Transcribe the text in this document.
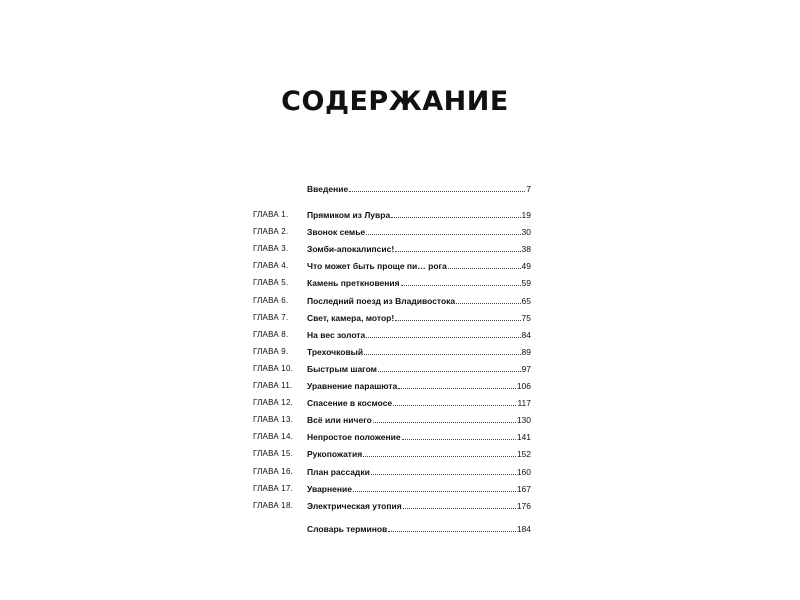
СОДЕРЖАНИЕ
Введение	7
ГЛАВА 1.	Прямиком из Лувра	19
ГЛАВА 2.	Звонок семье	30
ГЛАВА 3.	Зомби-апокалипсис!	38
ГЛАВА 4.	Что может быть проще пи… рога	49
ГЛАВА 5.	Камень преткновения	59
ГЛАВА 6.	Последний поезд из Владивостока	65
ГЛАВА 7.	Свет, камера, мотор!	75
ГЛАВА 8.	На вес золота	84
ГЛАВА 9.	Трехочковый	89
ГЛАВА 10.	Быстрым шагом	97
ГЛАВА 11.	Уравнение парашюта	106
ГЛАВА 12.	Спасение в космосе	117
ГЛАВА 13.	Всё или ничего	130
ГЛАВА 14.	Непростое положение	141
ГЛАВА 15.	Рукопожатия	152
ГЛАВА 16.	План рассадки	160
ГЛАВА 17.	Уварнение	167
ГЛАВА 18.	Электрическая утопия	176
Словарь терминов	184
